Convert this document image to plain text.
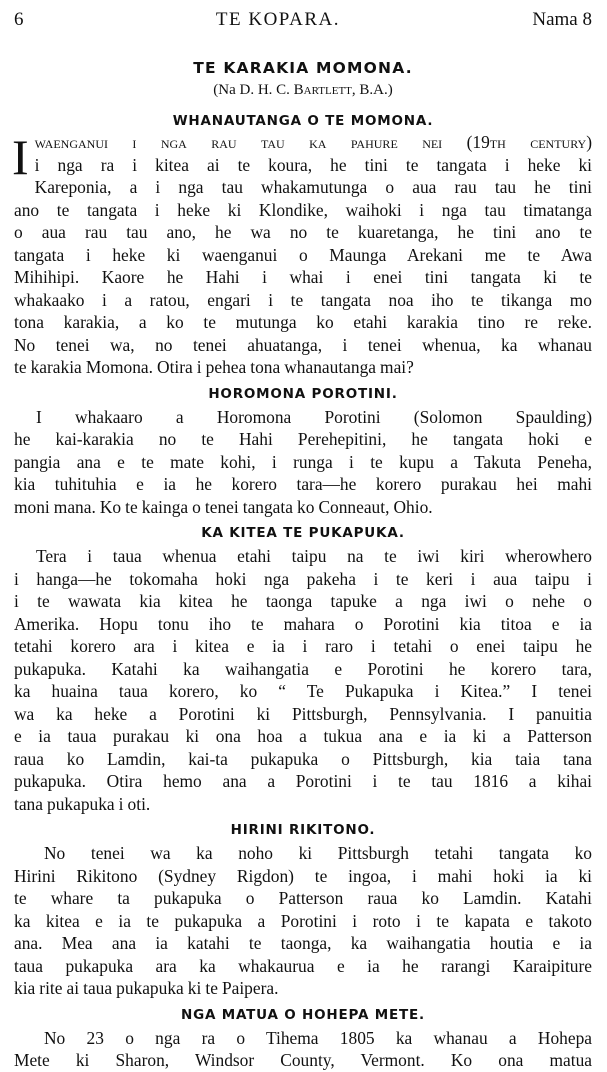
6	TE KOPARA.	Nama 8
TE KARAKIA MOMONA.
(Na D. H. C. Bartlett, B.A.)
WHANAUTANGA O TE MOMONA.
I waenganui i nga rau tau ka pahure nei (19th century)
i nga ra i kitea ai te koura, he tini te tangata i heke ki
Kareponia, a i nga tau whakamutunga o aua rau tau he tini
ano te tangata i heke ki Klondike, waihoki i nga tau timatanga
o aua rau tau ano, he wa no te kuaretanga, he tini ano te
tangata i heke ki waenganui o Maunga Arekani me te Awa
Mihihipi. Kaore he Hahi i whai i enei tini tangata ki te
whakaako i a ratou, engari i te tangata noa iho te tikanga mo
tona karakia, a ko te mutunga ko etahi karakia tino re reke.
No tenei wa, no tenei ahuatanga, i tenei whenua, ka whanau
te karakia Momona. Otira i pehea tona whanautanga mai?
HOROMONA POROTINI.
I whakaaro a Horomona Porotini (Solomon Spaulding)
he kai-karakia no te Hahi Perehepitini, he tangata hoki e
pangia ana e te mate kohi, i runga i te kupu a Takuta Peneha,
kia tuhituhia e ia he korero tara—he korero purakau hei mahi
moni mana. Ko te kainga o tenei tangata ko Conneaut, Ohio.
KA KITEA TE PUKAPUKA.
Tera i taua whenua etahi taipu na te iwi kiri wherowhero
i hanga—he tokomaha hoki nga pakeha i te keri i aua taipu i
i te wawata kia kitea he taonga tapuke a nga iwi o nehe o
Amerika. Hopu tonu iho te mahara o Porotini kia titoa e ia
tetahi korero ara i kitea e ia i raro i tetahi o enei taipu he
pukapuka. Katahi ka waihangatia e Porotini he korero tara,
ka huaina taua korero, ko “ Te Pukapuka i Kitea.” I tenei
wa ka heke a Porotini ki Pittsburgh, Pennsylvania. I panuitia
e ia taua purakau ki ona hoa a tukua ana e ia ki a Patterson
raua ko Lamdin, kai-ta pukapuka o Pittsburgh, kia taia tana
pukapuka. Otira hemo ana a Porotini i te tau 1816 a kihai
tana pukapuka i oti.
HIRINI RIKITONO.
No tenei wa ka noho ki Pittsburgh tetahi tangata ko
Hirini Rikitono (Sydney Rigdon) te ingoa, i mahi hoki ia ki
te whare ta pukapuka o Patterson raua ko Lamdin. Katahi
ka kitea e ia te pukapuka a Porotini i roto i te kapata e takoto
ana. Mea ana ia katahi te taonga, ka waihangatia houtia e ia
taua pukapuka ara ka whakaurua e ia he rarangi Karaipiture
kia rite ai taua pukapuka ki te Paipera.
NGA MATUA O HOHEPA METE.
No 23 o nga ra o Tihema 1805 ka whanau a Hohepa
Mete ki Sharon, Windsor County, Vermont. Ko ona matua
